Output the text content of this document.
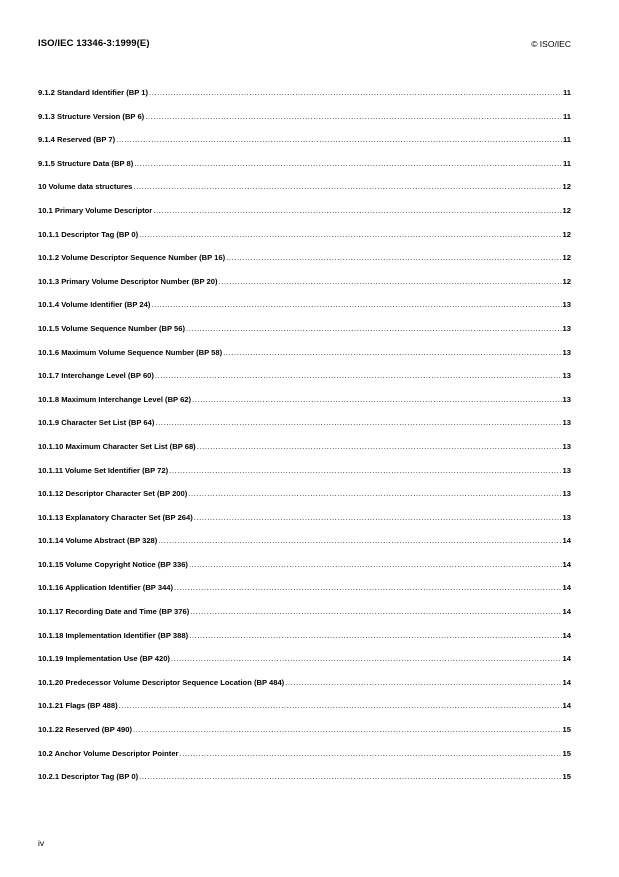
ISO/IEC 13346-3:1999(E)	© ISO/IEC
9.1.2 Standard Identifier (BP 1) .....	11
9.1.3 Structure Version (BP 6) .....	11
9.1.4 Reserved (BP 7) .....	11
9.1.5 Structure Data (BP 8) .....	11
10 Volume data structures .....	12
10.1 Primary Volume Descriptor .....	12
10.1.1 Descriptor Tag (BP 0) .....	12
10.1.2 Volume Descriptor Sequence Number (BP 16) .....	12
10.1.3 Primary Volume Descriptor Number (BP 20) .....	12
10.1.4 Volume Identifier (BP 24) .....	13
10.1.5 Volume Sequence Number (BP 56) .....	13
10.1.6 Maximum Volume Sequence Number (BP 58) .....	13
10.1.7 Interchange Level (BP 60) .....	13
10.1.8 Maximum Interchange Level (BP 62) .....	13
10.1.9 Character Set List (BP 64) .....	13
10.1.10 Maximum Character Set List (BP 68) .....	13
10.1.11 Volume Set Identifier (BP 72) .....	13
10.1.12 Descriptor Character Set (BP 200) .....	13
10.1.13 Explanatory Character Set (BP 264) .....	13
10.1.14 Volume Abstract (BP 328) .....	14
10.1.15 Volume Copyright Notice (BP 336) .....	14
10.1.16 Application Identifier (BP 344) .....	14
10.1.17 Recording Date and Time (BP 376) .....	14
10.1.18 Implementation Identifier (BP 388) .....	14
10.1.19 Implementation Use (BP 420) .....	14
10.1.20 Predecessor Volume Descriptor Sequence Location (BP 484) .....	14
10.1.21 Flags (BP 488) .....	14
10.1.22 Reserved (BP 490) .....	15
10.2 Anchor Volume Descriptor Pointer .....	15
10.2.1 Descriptor Tag (BP 0) .....	15
iv
